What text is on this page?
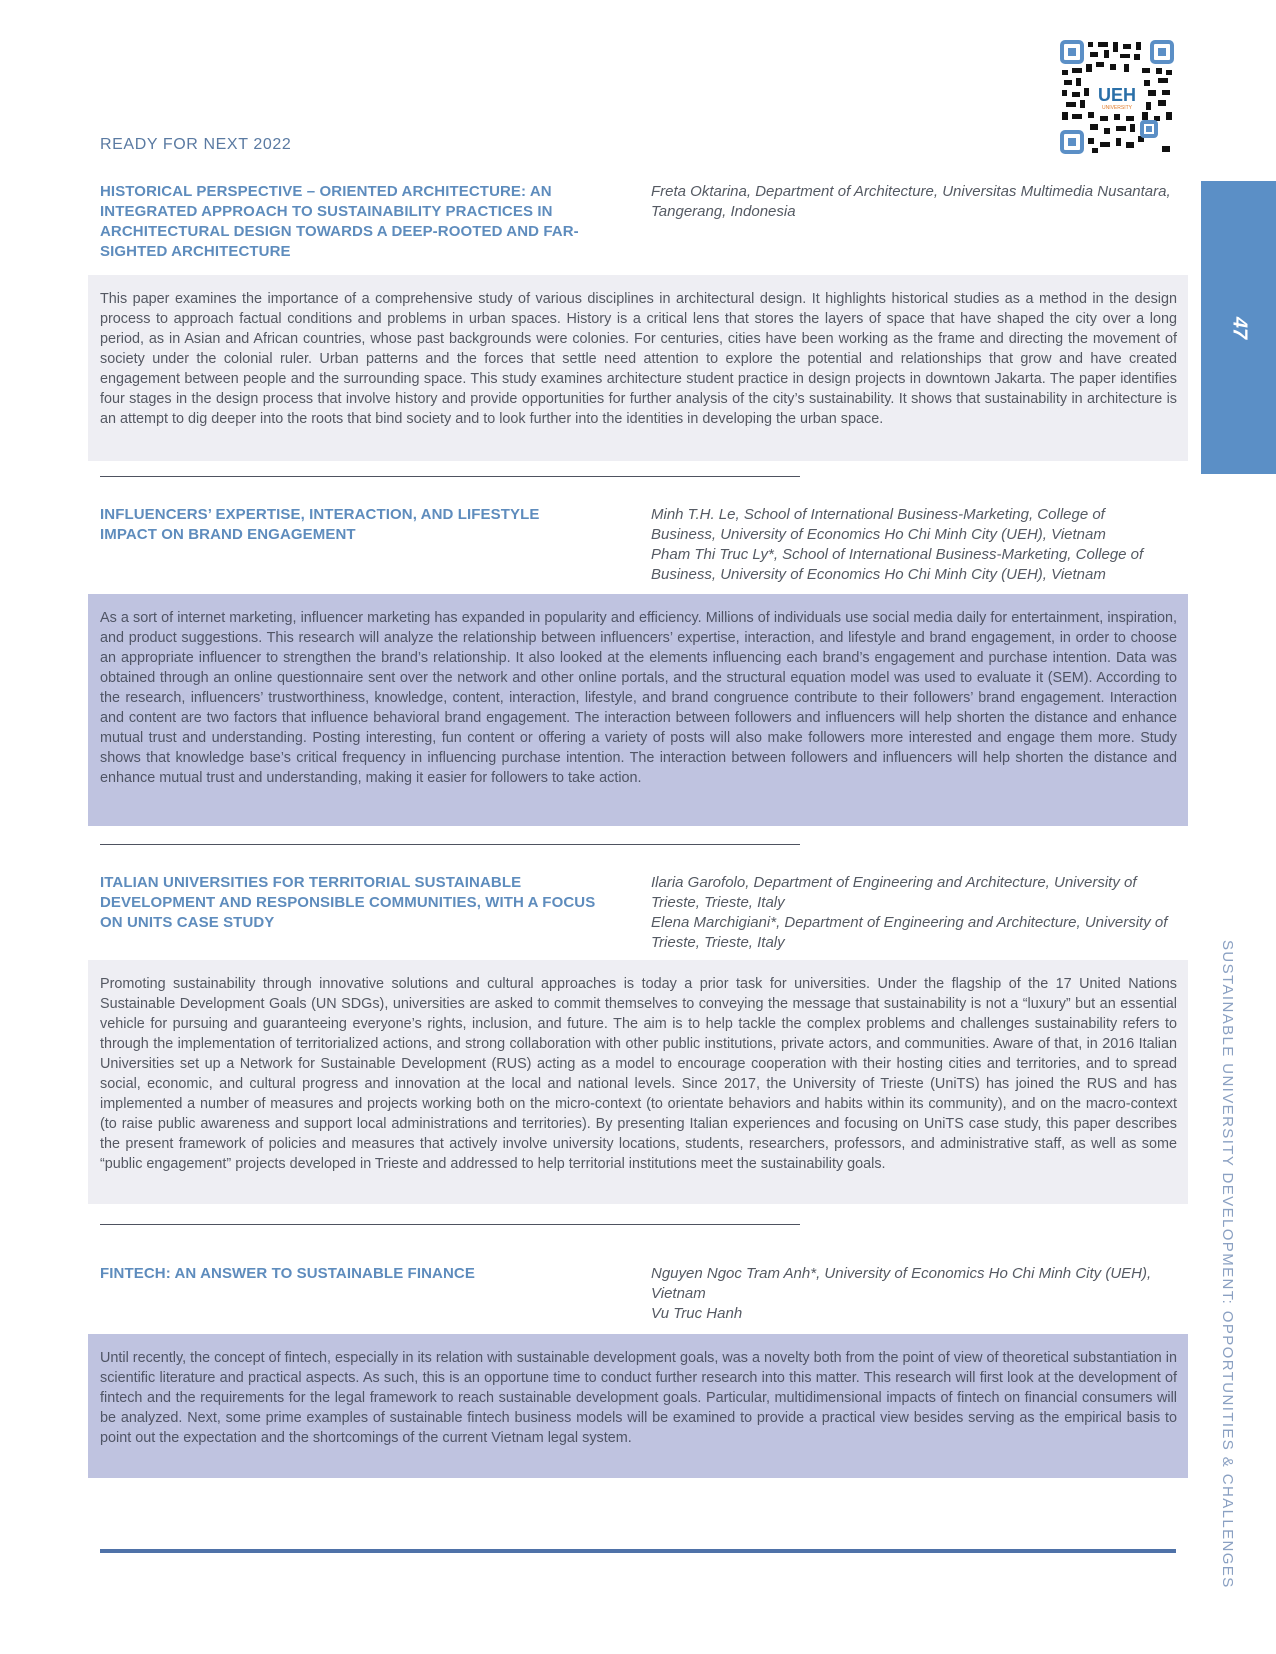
READY FOR NEXT 2022
UEH
UNIVERSITY
47
SUSTAINABLE UNIVERSITY DEVELOPMENT: OPPORTUNITIES & CHALLENGES
HISTORICAL PERSPECTIVE – ORIENTED ARCHITECTURE: AN INTEGRATED APPROACH TO SUSTAINABILITY PRACTICES IN ARCHITECTURAL DESIGN TOWARDS A DEEP-ROOTED AND FAR-SIGHTED ARCHITECTURE
Freta Oktarina, Department of Architecture, Universitas Multimedia Nusantara, Tangerang, Indonesia
This paper examines the importance of a comprehensive study of various disciplines in architectural design. It highlights historical studies as a method in the design process to approach factual conditions and problems in urban spaces. History is a critical lens that stores the layers of space that have shaped the city over a long period, as in Asian and African countries, whose past backgrounds were colonies. For centuries, cities have been working as the frame and directing the movement of society under the colonial ruler. Urban patterns and the forces that settle need attention to explore the potential and relationships that grow and have created engagement between people and the surrounding space. This study examines architecture student practice in design projects in downtown Jakarta. The paper identifies four stages in the design process that involve history and provide opportunities for further analysis of the city’s sustainability. It shows that sustainability in architecture is an attempt to dig deeper into the roots that bind society and to look further into the identities in developing the urban space.
INFLUENCERS’ EXPERTISE, INTERACTION, AND LIFESTYLE IMPACT ON BRAND ENGAGEMENT
Minh T.H. Le, School of International Business-Marketing, College of Business, University of Economics Ho Chi Minh City (UEH), Vietnam
Pham Thi Truc Ly*, School of International Business-Marketing, College of Business, University of Economics Ho Chi Minh City (UEH), Vietnam
As a sort of internet marketing, influencer marketing has expanded in popularity and efficiency. Millions of individuals use social media daily for entertainment, inspiration, and product suggestions. This research will analyze the relationship between influencers’ expertise, interaction, and lifestyle and brand engagement, in order to choose an appropriate influencer to strengthen the brand’s relationship. It also looked at the elements influencing each brand’s engagement and purchase intention. Data was obtained through an online questionnaire sent over the network and other online portals, and the structural equation model was used to evaluate it (SEM). According to the research, influencers’ trustworthiness, knowledge, content, interaction, lifestyle, and brand congruence contribute to their followers’ brand engagement. Interaction and content are two factors that influence behavioral brand engagement. The interaction between followers and influencers will help shorten the distance and enhance mutual trust and understanding. Posting interesting, fun content or offering a variety of posts will also make followers more interested and engage them more. Study shows that knowledge base’s critical frequency in influencing purchase intention. The interaction between followers and influencers will help shorten the distance and enhance mutual trust and understanding, making it easier for followers to take action.
ITALIAN UNIVERSITIES FOR TERRITORIAL SUSTAINABLE DEVELOPMENT AND RESPONSIBLE COMMUNITIES, WITH A FOCUS ON UNITS CASE STUDY
Ilaria Garofolo, Department of Engineering and Architecture, University of Trieste, Trieste, Italy
Elena Marchigiani*, Department of Engineering and Architecture, University of Trieste, Trieste, Italy
Promoting sustainability through innovative solutions and cultural approaches is today a prior task for universities. Under the flagship of the 17 United Nations Sustainable Development Goals (UN SDGs), universities are asked to commit themselves to conveying the message that sustainability is not a “luxury” but an essential vehicle for pursuing and guaranteeing everyone’s rights, inclusion, and future. The aim is to help tackle the complex problems and challenges sustainability refers to through the implementation of territorialized actions, and strong collaboration with other public institutions, private actors, and communities. Aware of that, in 2016 Italian Universities set up a Network for Sustainable Development (RUS) acting as a model to encourage cooperation with their hosting cities and territories, and to spread social, economic, and cultural progress and innovation at the local and national levels. Since 2017, the University of Trieste (UniTS) has joined the RUS and has implemented a number of measures and projects working both on the micro-context (to orientate behaviors and habits within its community), and on the macro-context (to raise public awareness and support local administrations and territories). By presenting Italian experiences and focusing on UniTS case study, this paper describes the present framework of policies and measures that actively involve university locations, students, researchers, professors, and administrative staff, as well as some “public engagement” projects developed in Trieste and addressed to help territorial institutions meet the sustainability goals.
FINTECH: AN ANSWER TO SUSTAINABLE FINANCE	Nguyen Ngoc Tram Anh*, University of Economics Ho Chi Minh City (UEH), Vietnam
Vu Truc Hanh
Until recently, the concept of fintech, especially in its relation with sustainable development goals, was a novelty both from the point of view of theoretical substantiation in scientific literature and practical aspects. As such, this is an opportune time to conduct further research into this matter. This research will first look at the development of fintech and the requirements for the legal framework to reach sustainable development goals. Particular, multidimensional impacts of fintech on financial consumers will be analyzed. Next, some prime examples of sustainable fintech business models will be examined to provide a practical view besides serving as the empirical basis to point out the expectation and the shortcomings of the current Vietnam legal system.
